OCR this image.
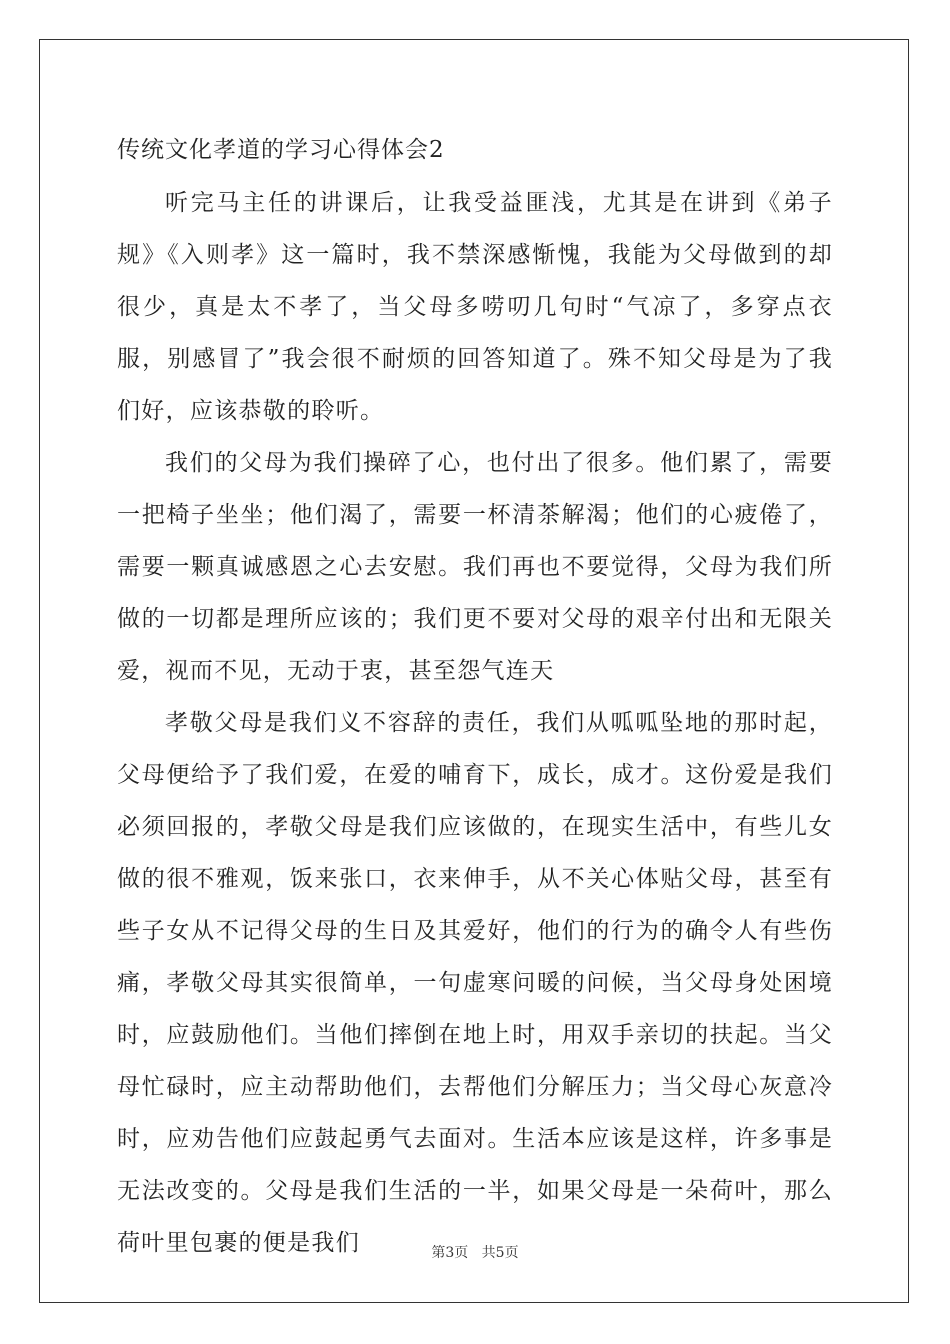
传统文化孝道的学习心得体会2

听完马主任的讲课后，让我受益匪浅，尤其是在讲到《弟子规》《入则孝》这一篇时，我不禁深感惭愧，我能为父母做到的却很少，真是太不孝了，当父母多唠叨几句时“气凉了，多穿点衣服，别感冒了”我会很不耐烦的回答知道了。殊不知父母是为了我们好，应该恭敬的聆听。

我们的父母为我们操碎了心，也付出了很多。他们累了，需要一把椅子坐坐；他们渴了，需要一杯清茶解渴；他们的心疲倦了，需要一颗真诚感恩之心去安慰。我们再也不要觉得，父母为我们所做的一切都是理所应该的；我们更不要对父母的艰辛付出和无限关爱，视而不见，无动于衷，甚至怨气连天

孝敬父母是我们义不容辞的责任，我们从呱呱坠地的那时起，父母便给予了我们爱，在爱的哺育下，成长，成才。这份爱是我们必须回报的，孝敬父母是我们应该做的，在现实生活中，有些儿女做的很不雅观，饭来张口，衣来伸手，从不关心体贴父母，甚至有些子女从不记得父母的生日及其爱好，他们的行为的确令人有些伤痛，孝敬父母其实很简单，一句虚寒问暖的问候，当父母身处困境时，应鼓励他们。当他们摔倒在地上时，用双手亲切的扶起。当父母忙碌时，应主动帮助他们，去帮他们分解压力；当父母心灰意冷时，应劝告他们应鼓起勇气去面对。生活本应该是这样，许多事是无法改变的。父母是我们生活的一半，如果父母是一朵荷叶，那么荷叶里包裹的便是我们	第3页 共5页
